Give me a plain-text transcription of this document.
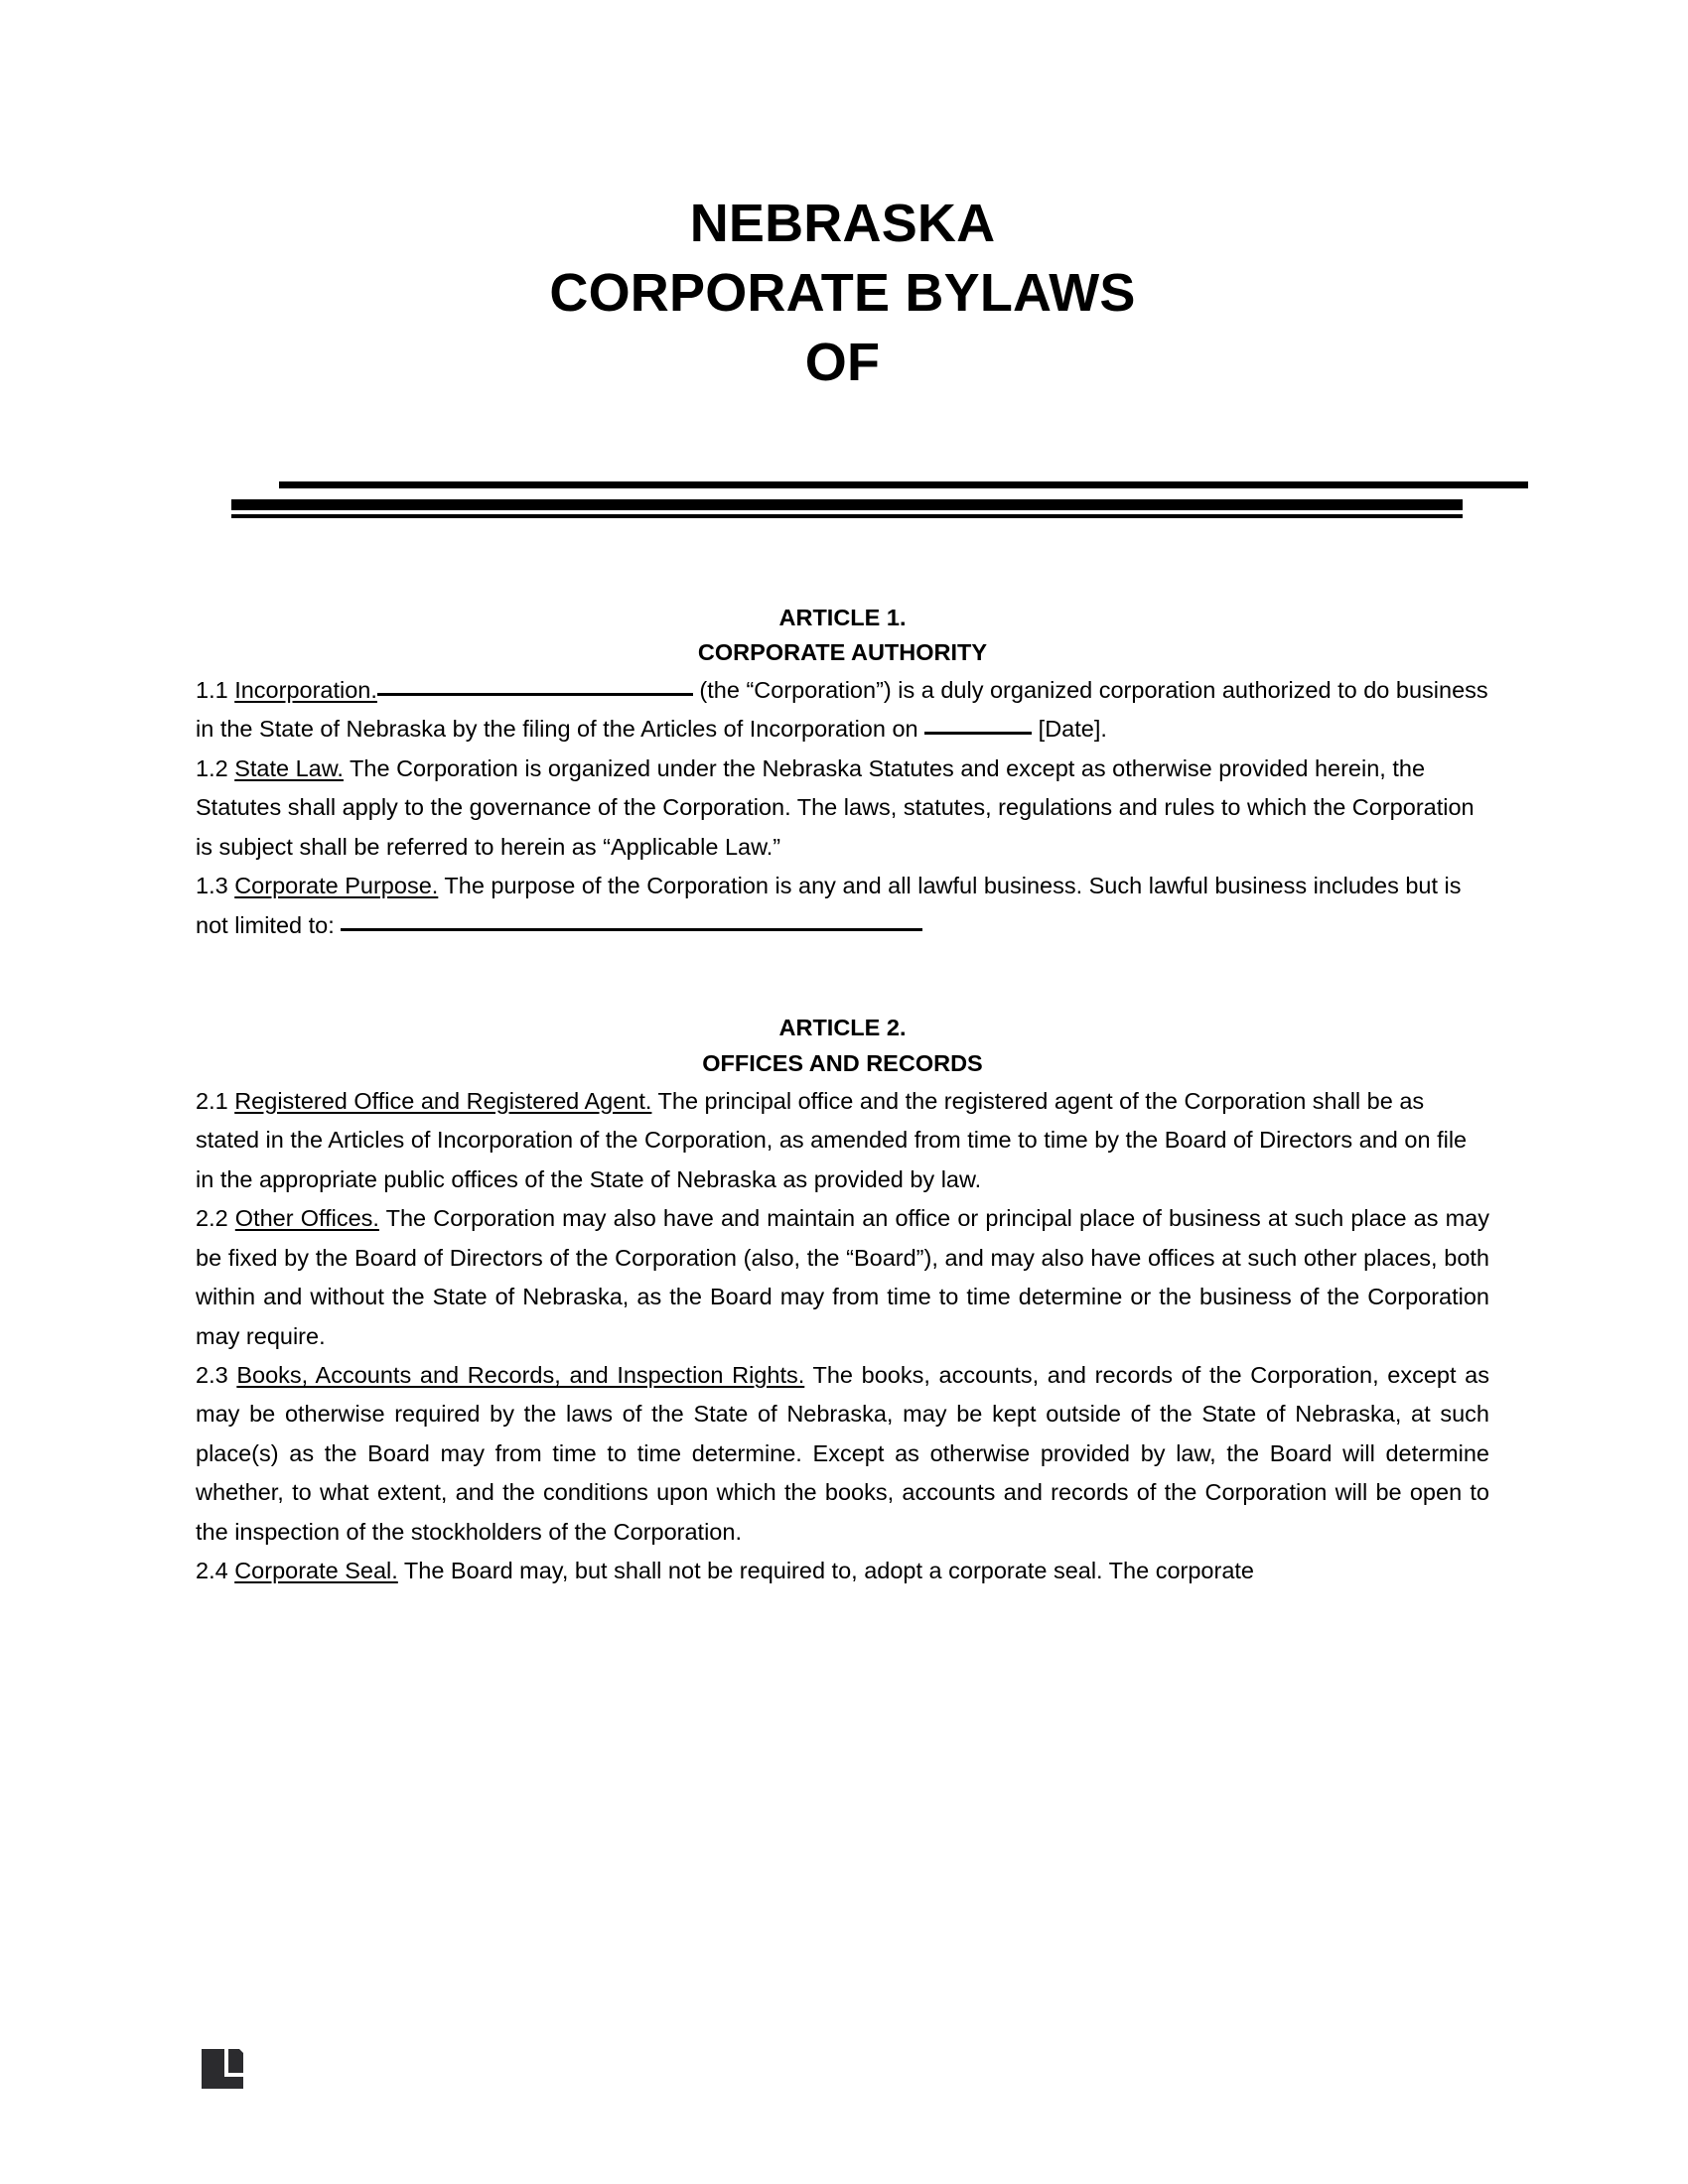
NEBRASKA
CORPORATE BYLAWS
OF
ARTICLE 1.
CORPORATE AUTHORITY

1.1 Incorporation.	(the “Corporation”) is a duly organized corporation authorized to do business in the State of Nebraska by the filing of the Articles of Incorporation on	[Date].

1.2 State Law. The Corporation is organized under the Nebraska Statutes and except as otherwise provided herein, the Statutes shall apply to the governance of the Corporation. The laws, statutes, regulations and rules to which the Corporation is subject shall be referred to herein as “Applicable Law.”

1.3 Corporate Purpose. The purpose of the Corporation is any and all lawful business. Such lawful business includes but is not limited to:

ARTICLE 2.
OFFICES AND RECORDS

2.1 Registered Office and Registered Agent. The principal office and the registered agent of the Corporation shall be as stated in the Articles of Incorporation of the Corporation, as amended from time to time by the Board of Directors and on file in the appropriate public offices of the State of Nebraska as provided by law.

2.2 Other Offices. The Corporation may also have and maintain an office or principal place of business at such place as may be fixed by the Board of Directors of the Corporation (also, the “Board”), and may also have offices at such other places, both within and without the State of Nebraska, as the Board may from time to time determine or the business of the Corporation may require.

2.3 Books, Accounts and Records, and Inspection Rights. The books, accounts, and records of the Corporation, except as may be otherwise required by the laws of the State of Nebraska, may be kept outside of the State of Nebraska, at such place(s) as the Board may from time to time determine. Except as otherwise provided by law, the Board will determine whether, to what extent, and the conditions upon which the books, accounts and records of the Corporation will be open to the inspection of the stockholders of the Corporation.

2.4 Corporate Seal. The Board may, but shall not be required to, adopt a corporate seal. The corporate
